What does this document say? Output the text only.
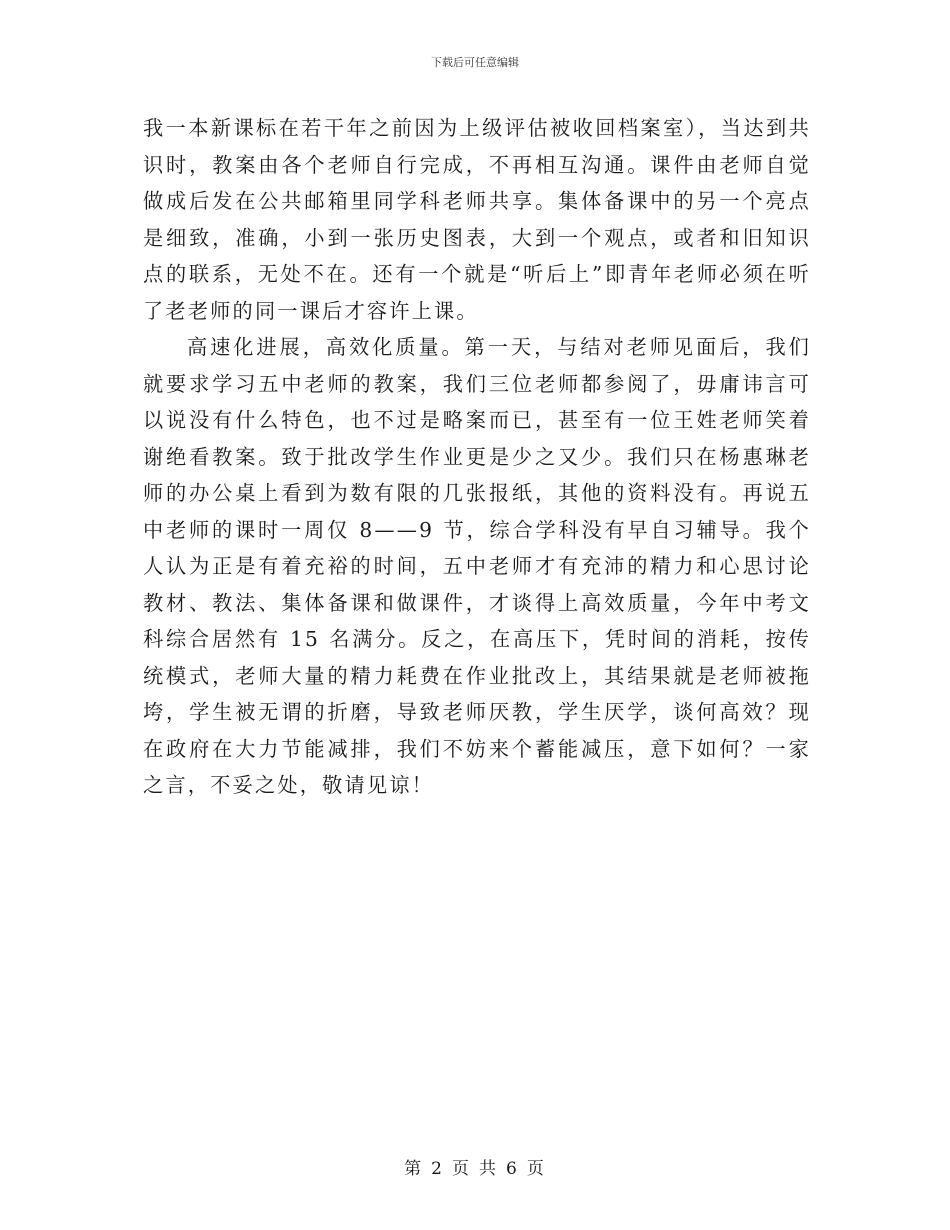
下载后可任意编辑

我一本新课标在若干年之前因为上级评估被收回档案室），当达到共识时，教案由各个老师自行完成，不再相互沟通。课件由老师自觉做成后发在公共邮箱里同学科老师共享。集体备课中的另一个亮点是细致，准确，小到一张历史图表，大到一个观点，或者和旧知识点的联系，无处不在。还有一个就是“听后上”即青年老师必须在听了老老师的同一课后才容许上课。

高速化进展，高效化质量。第一天，与结对老师见面后，我们就要求学习五中老师的教案，我们三位老师都参阅了，毋庸讳言可以说没有什么特色，也不过是略案而已，甚至有一位王姓老师笑着谢绝看教案。致于批改学生作业更是少之又少。我们只在杨惠琳老师的办公桌上看到为数有限的几张报纸，其他的资料没有。再说五中老师的课时一周仅 8——9 节，综合学科没有早自习辅导。我个人认为正是有着充裕的时间，五中老师才有充沛的精力和心思讨论教材、教法、集体备课和做课件，才谈得上高效质量，今年中考文科综合居然有 15 名满分。反之，在高压下，凭时间的消耗，按传统模式，老师大量的精力耗费在作业批改上，其结果就是老师被拖垮，学生被无谓的折磨，导致老师厌教，学生厌学，谈何高效？现在政府在大力节能减排，我们不妨来个蓄能减压，意下如何？一家之言，不妥之处，敬请见谅！

第 2 页 共 6 页
